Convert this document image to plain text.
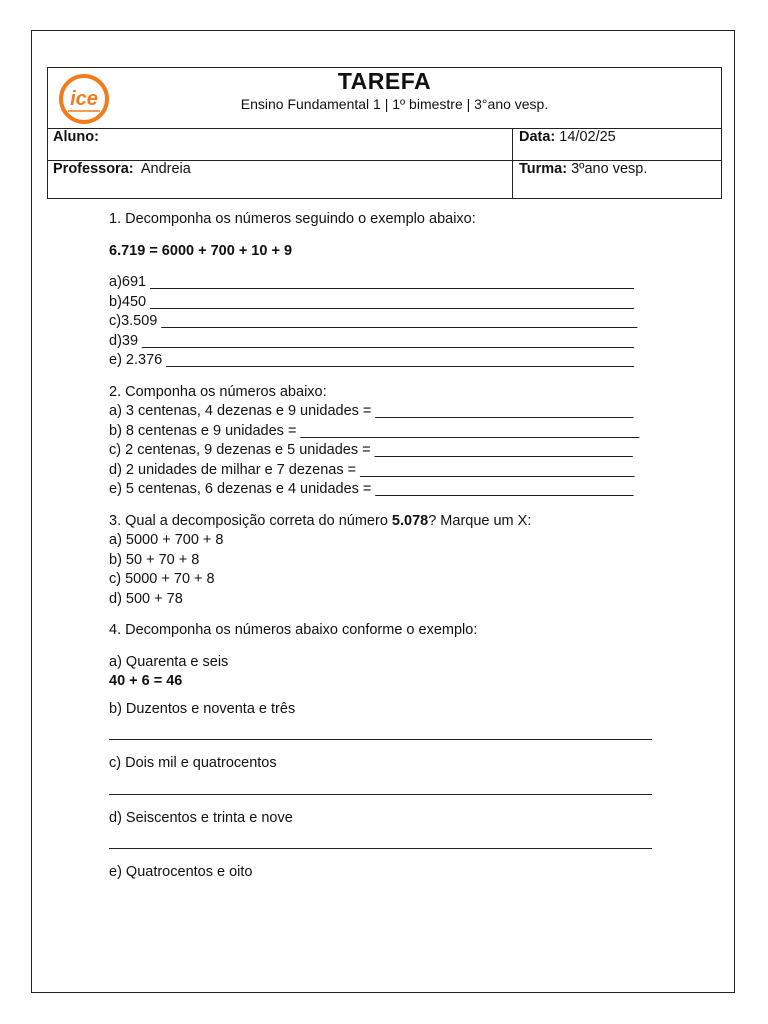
ice
TAREFA
Ensino Fundamental 1 | 1º bimestre | 3°ano vesp.
Aluno:	Data: 14/02/25
Professora: Andreia	Turma: 3ºano vesp.
1. Decomponha os números seguindo o exemplo abaixo:
6.719 = 6000 + 700 + 10 + 9
a)691 ____________________________________________________________
b)450 ____________________________________________________________
c)3.509 ___________________________________________________________
d)39 _____________________________________________________________
e) 2.376 __________________________________________________________
2. Componha os números abaixo:
a) 3 centenas, 4 dezenas e 9 unidades = ________________________________
b) 8 centenas e 9 unidades = __________________________________________
c) 2 centenas, 9 dezenas e 5 unidades = ________________________________
d) 2 unidades de milhar e 7 dezenas = __________________________________
e) 5 centenas, 6 dezenas e 4 unidades = ________________________________
3. Qual a decomposição correta do número 5.078? Marque um X:
a) 5000 + 700 + 8
b) 50 + 70 + 8
c) 5000 + 70 + 8
d) 500 + 78
4. Decomponha os números abaixo conforme o exemplo:
a) Quarenta e seis
40 + 6 = 46
b) Duzentos e noventa e três
c) Dois mil e quatrocentos
d) Seiscentos e trinta e nove
e) Quatrocentos e oito
